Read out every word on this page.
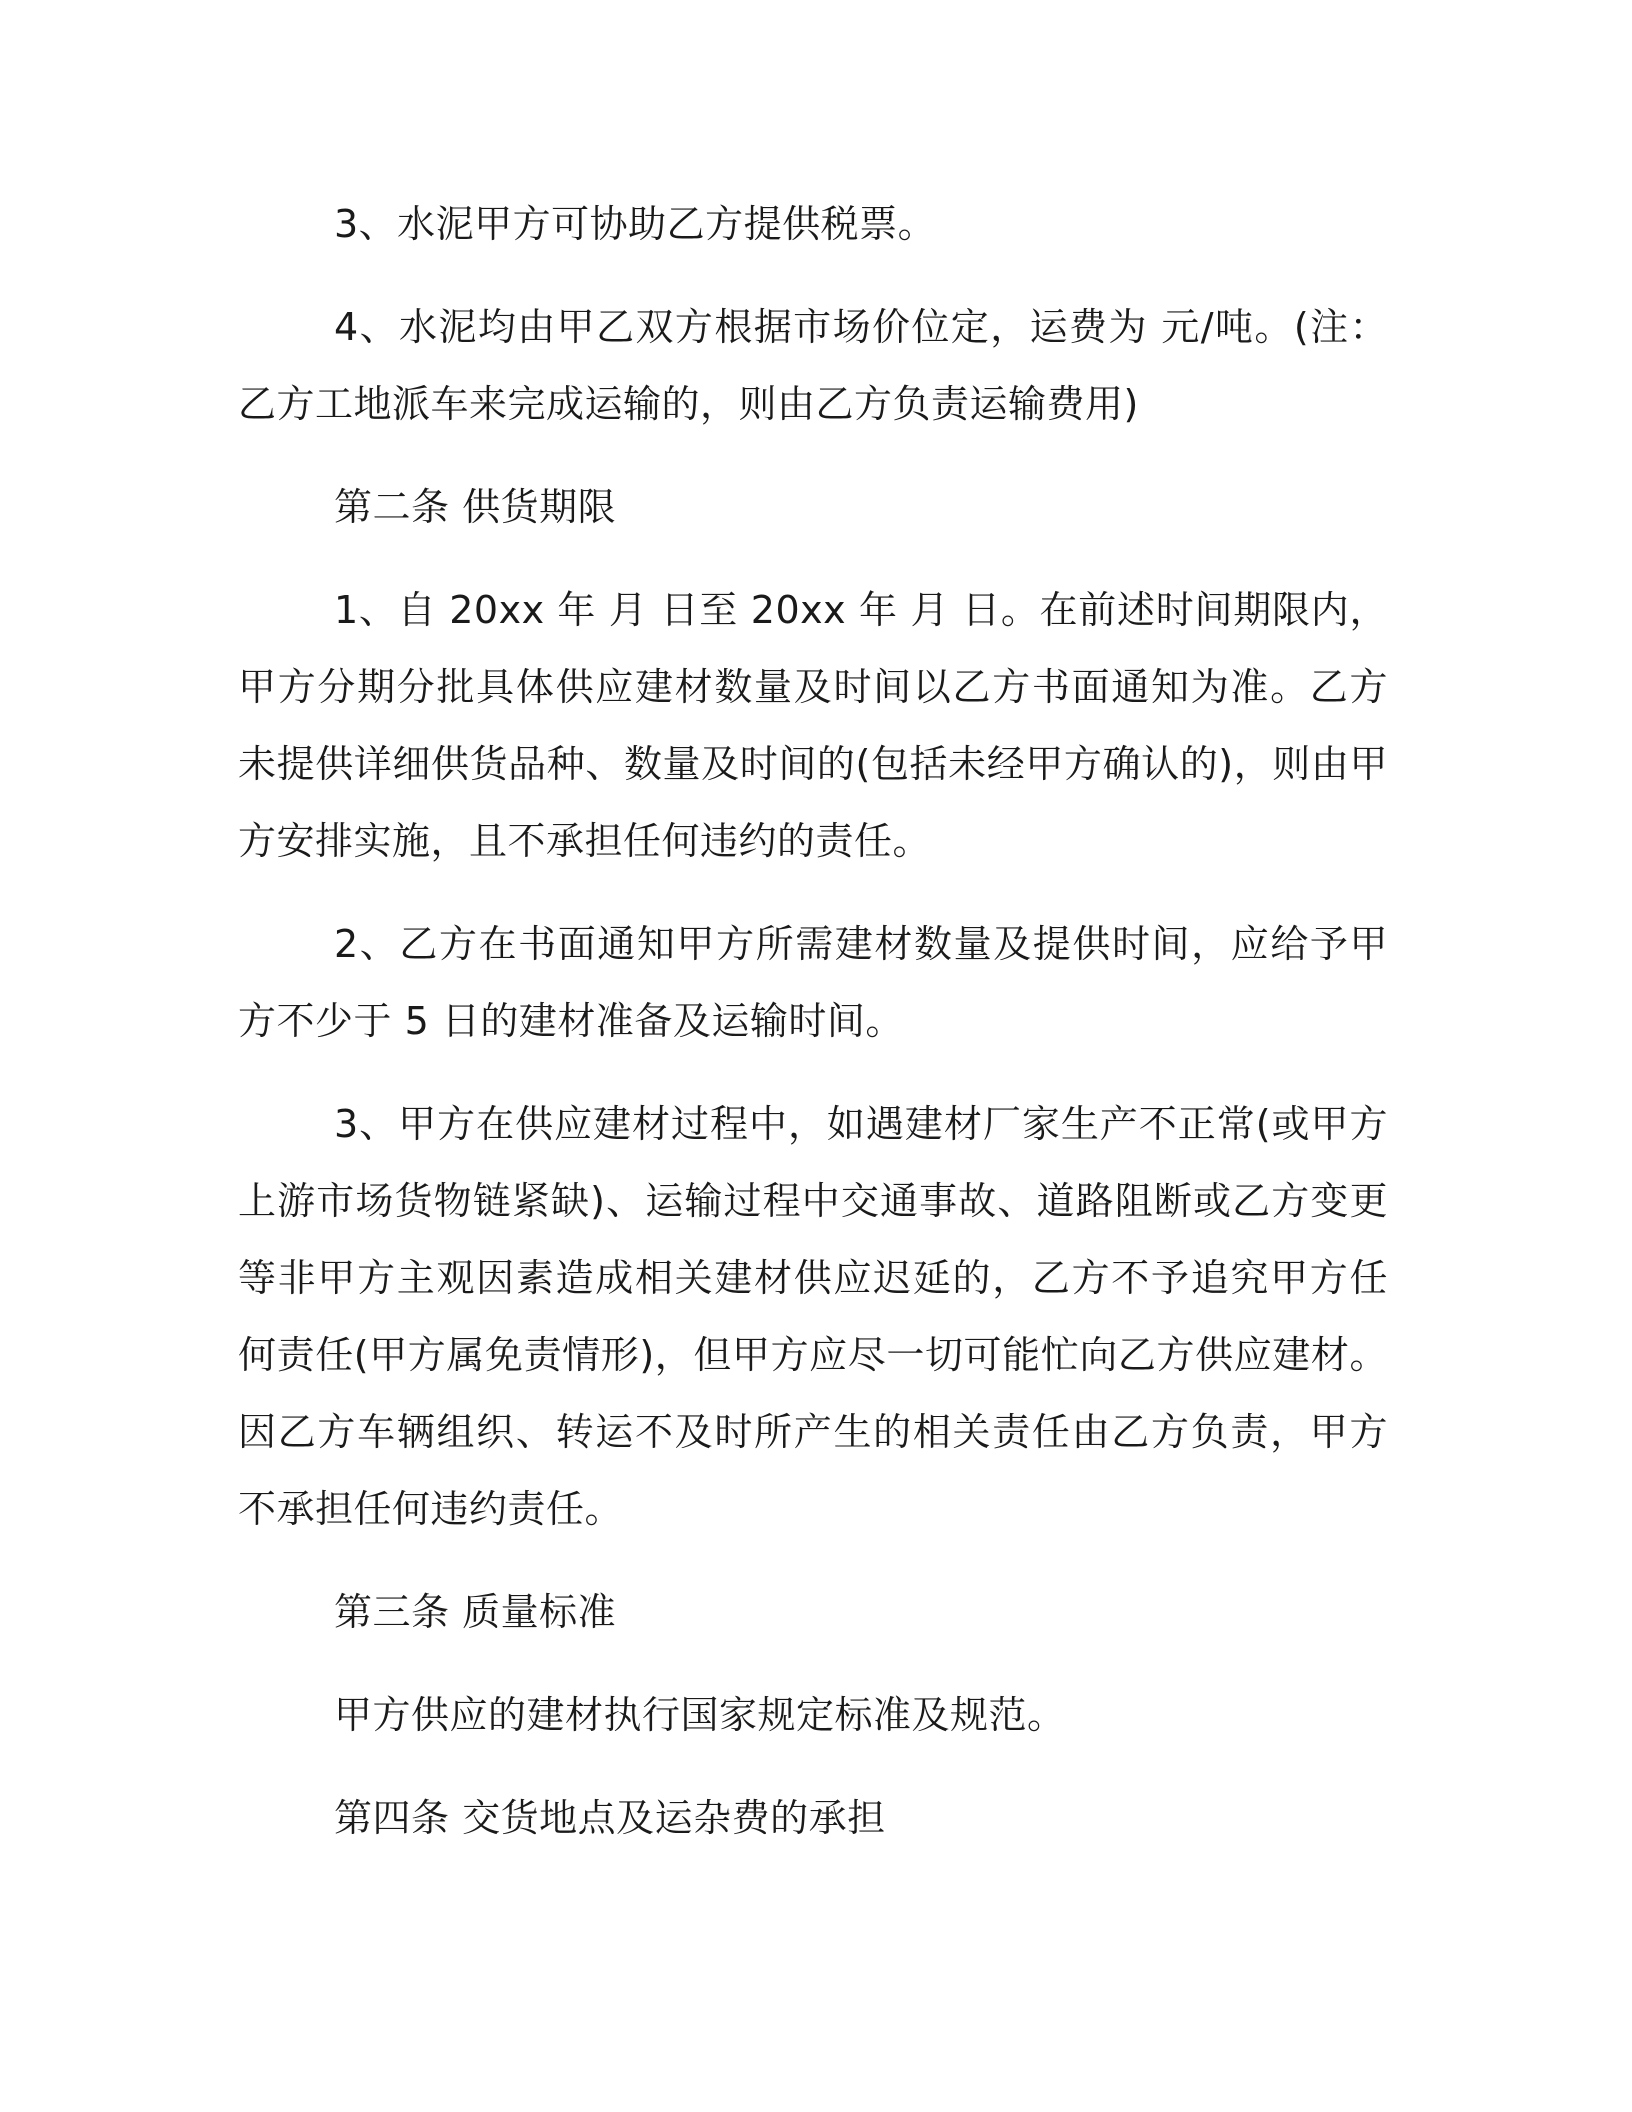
3、水泥甲方可协助乙方提供税票。

4、水泥均由甲乙双方根据市场价位定，运费为 元/吨。(注：乙方工地派车来完成运输的，则由乙方负责运输费用)

第二条 供货期限

1、自 20xx 年 月 日至 20xx 年 月 日。在前述时间期限内，甲方分期分批具体供应建材数量及时间以乙方书面通知为准。乙方未提供详细供货品种、数量及时间的(包括未经甲方确认的)，则由甲方安排实施，且不承担任何违约的责任。

2、乙方在书面通知甲方所需建材数量及提供时间，应给予甲方不少于 5 日的建材准备及运输时间。

3、甲方在供应建材过程中，如遇建材厂家生产不正常(或甲方上游市场货物链紧缺)、运输过程中交通事故、道路阻断或乙方变更等非甲方主观因素造成相关建材供应迟延的，乙方不予追究甲方任何责任(甲方属免责情形)，但甲方应尽一切可能忙向乙方供应建材。因乙方车辆组织、转运不及时所产生的相关责任由乙方负责，甲方不承担任何违约责任。

第三条 质量标准

甲方供应的建材执行国家规定标准及规范。

第四条 交货地点及运杂费的承担
